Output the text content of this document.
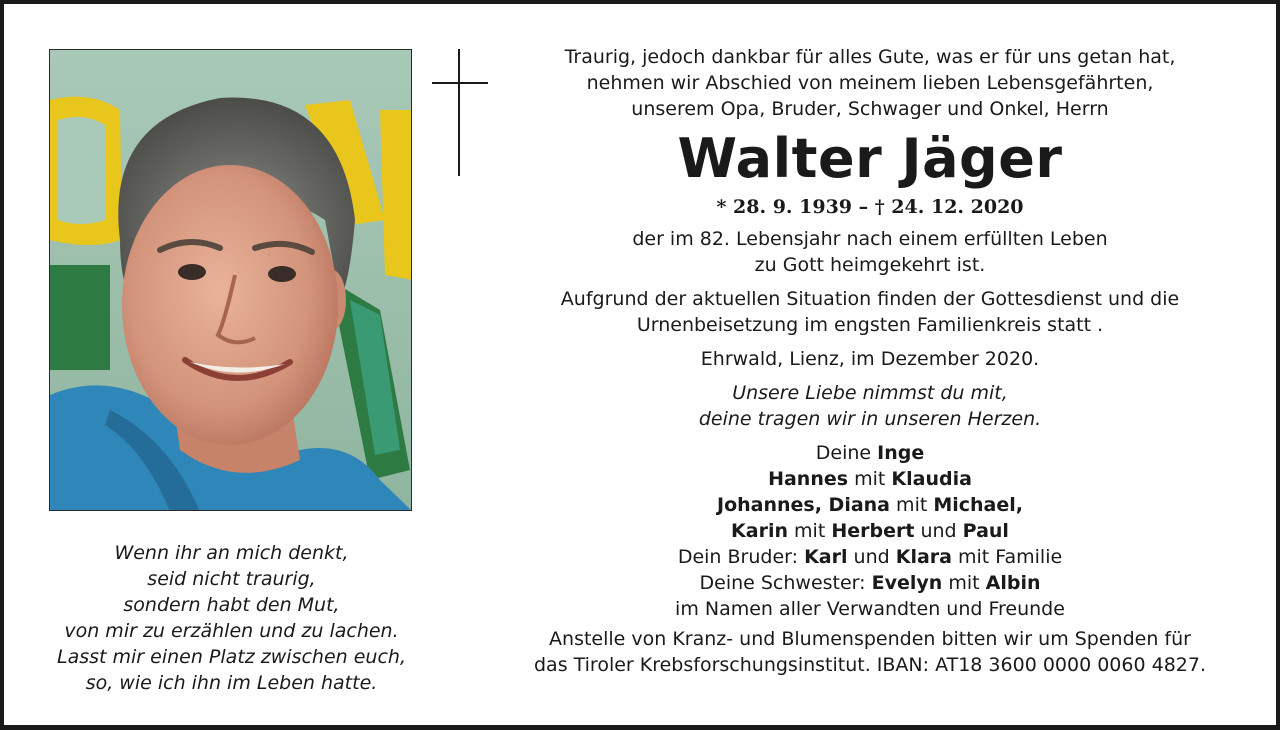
Wenn ihr an mich denkt,
seid nicht traurig,
sondern habt den Mut,
von mir zu erzählen und zu lachen.
Lasst mir einen Platz zwischen euch,
so, wie ich ihn im Leben hatte.
Traurig, jedoch dankbar für alles Gute, was er für uns getan hat,
nehmen wir Abschied von meinem lieben Lebensgefährten,
unserem Opa, Bruder, Schwager und Onkel, Herrn
Walter Jäger
* 28. 9. 1939 – † 24. 12. 2020
der im 82. Lebensjahr nach einem erfüllten Leben
zu Gott heimgekehrt ist.
Aufgrund der aktuellen Situation finden der Gottesdienst und die
Urnenbeisetzung im engsten Familienkreis statt .
Ehrwald, Lienz, im Dezember 2020.
Unsere Liebe nimmst du mit,
deine tragen wir in unseren Herzen.
Deine Inge
Hannes mit Klaudia
Johannes, Diana mit Michael,
Karin mit Herbert und Paul
Dein Bruder: Karl und Klara mit Familie
Deine Schwester: Evelyn mit Albin
im Namen aller Verwandten und Freunde
Anstelle von Kranz- und Blumenspenden bitten wir um Spenden für
das Tiroler Krebsforschungsinstitut. IBAN: AT18 3600 0000 0060 4827.
